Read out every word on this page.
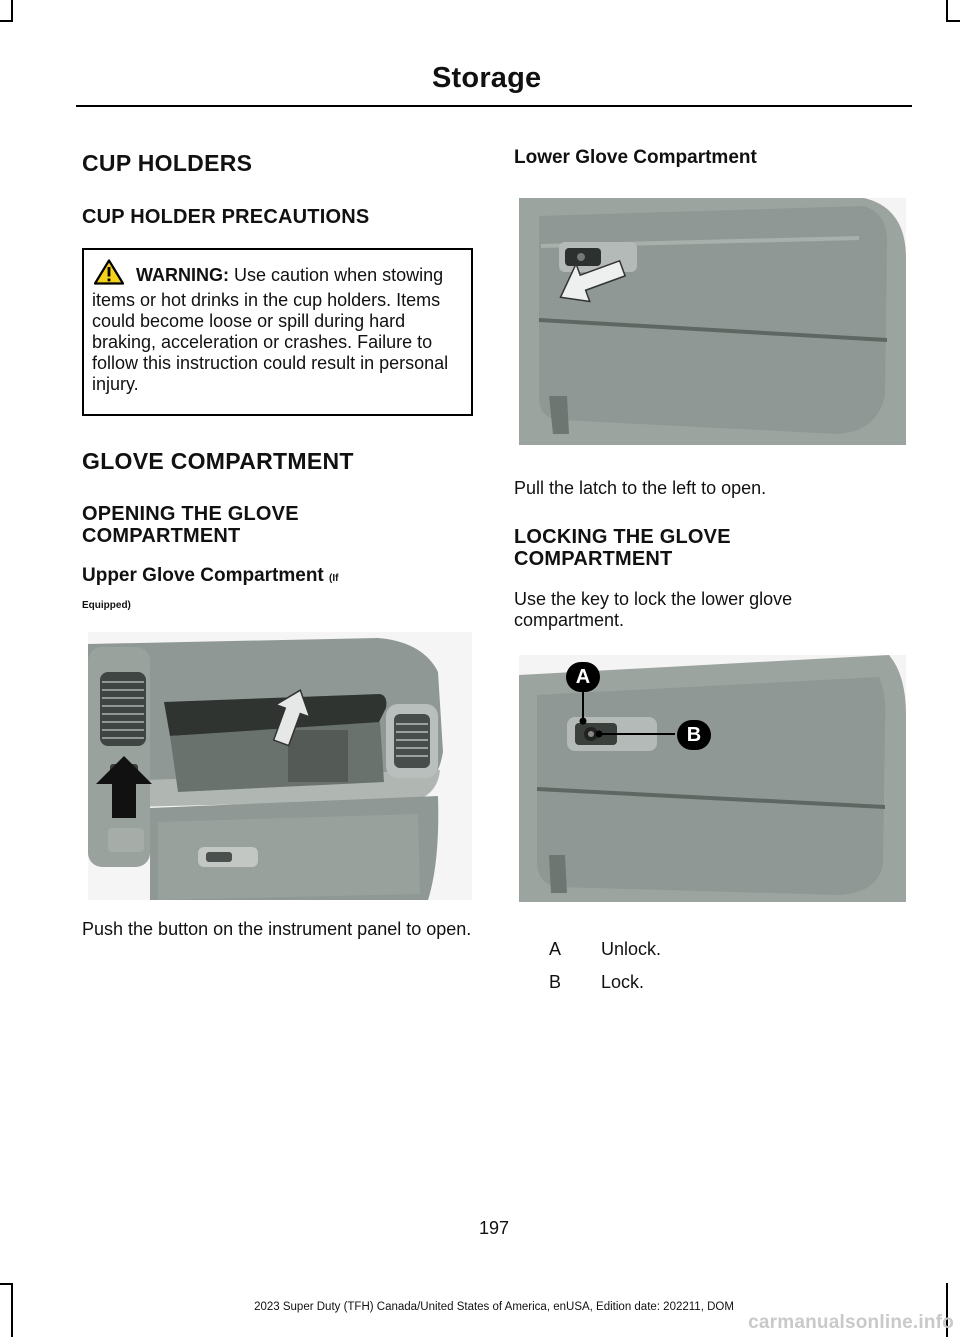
Storage
CUP HOLDERS
CUP HOLDER PRECAUTIONS
WARNING: Use caution when stowing items or hot drinks in the cup holders. Items could become loose or spill during hard braking, acceleration or crashes. Failure to follow this instruction could result in personal injury.
GLOVE COMPARTMENT
OPENING THE GLOVE COMPARTMENT
Upper Glove Compartment (If
Equipped)
Push the button on the instrument panel to open.
Lower Glove Compartment
Pull the latch to the left to open.
LOCKING THE GLOVE COMPARTMENT
Use the key to lock the lower glove compartment.
A
B
A Unlock.
B Lock.
197
2023 Super Duty (TFH) Canada/United States of America, enUSA, Edition date: 202211, DOM
carmanualsonline.info
